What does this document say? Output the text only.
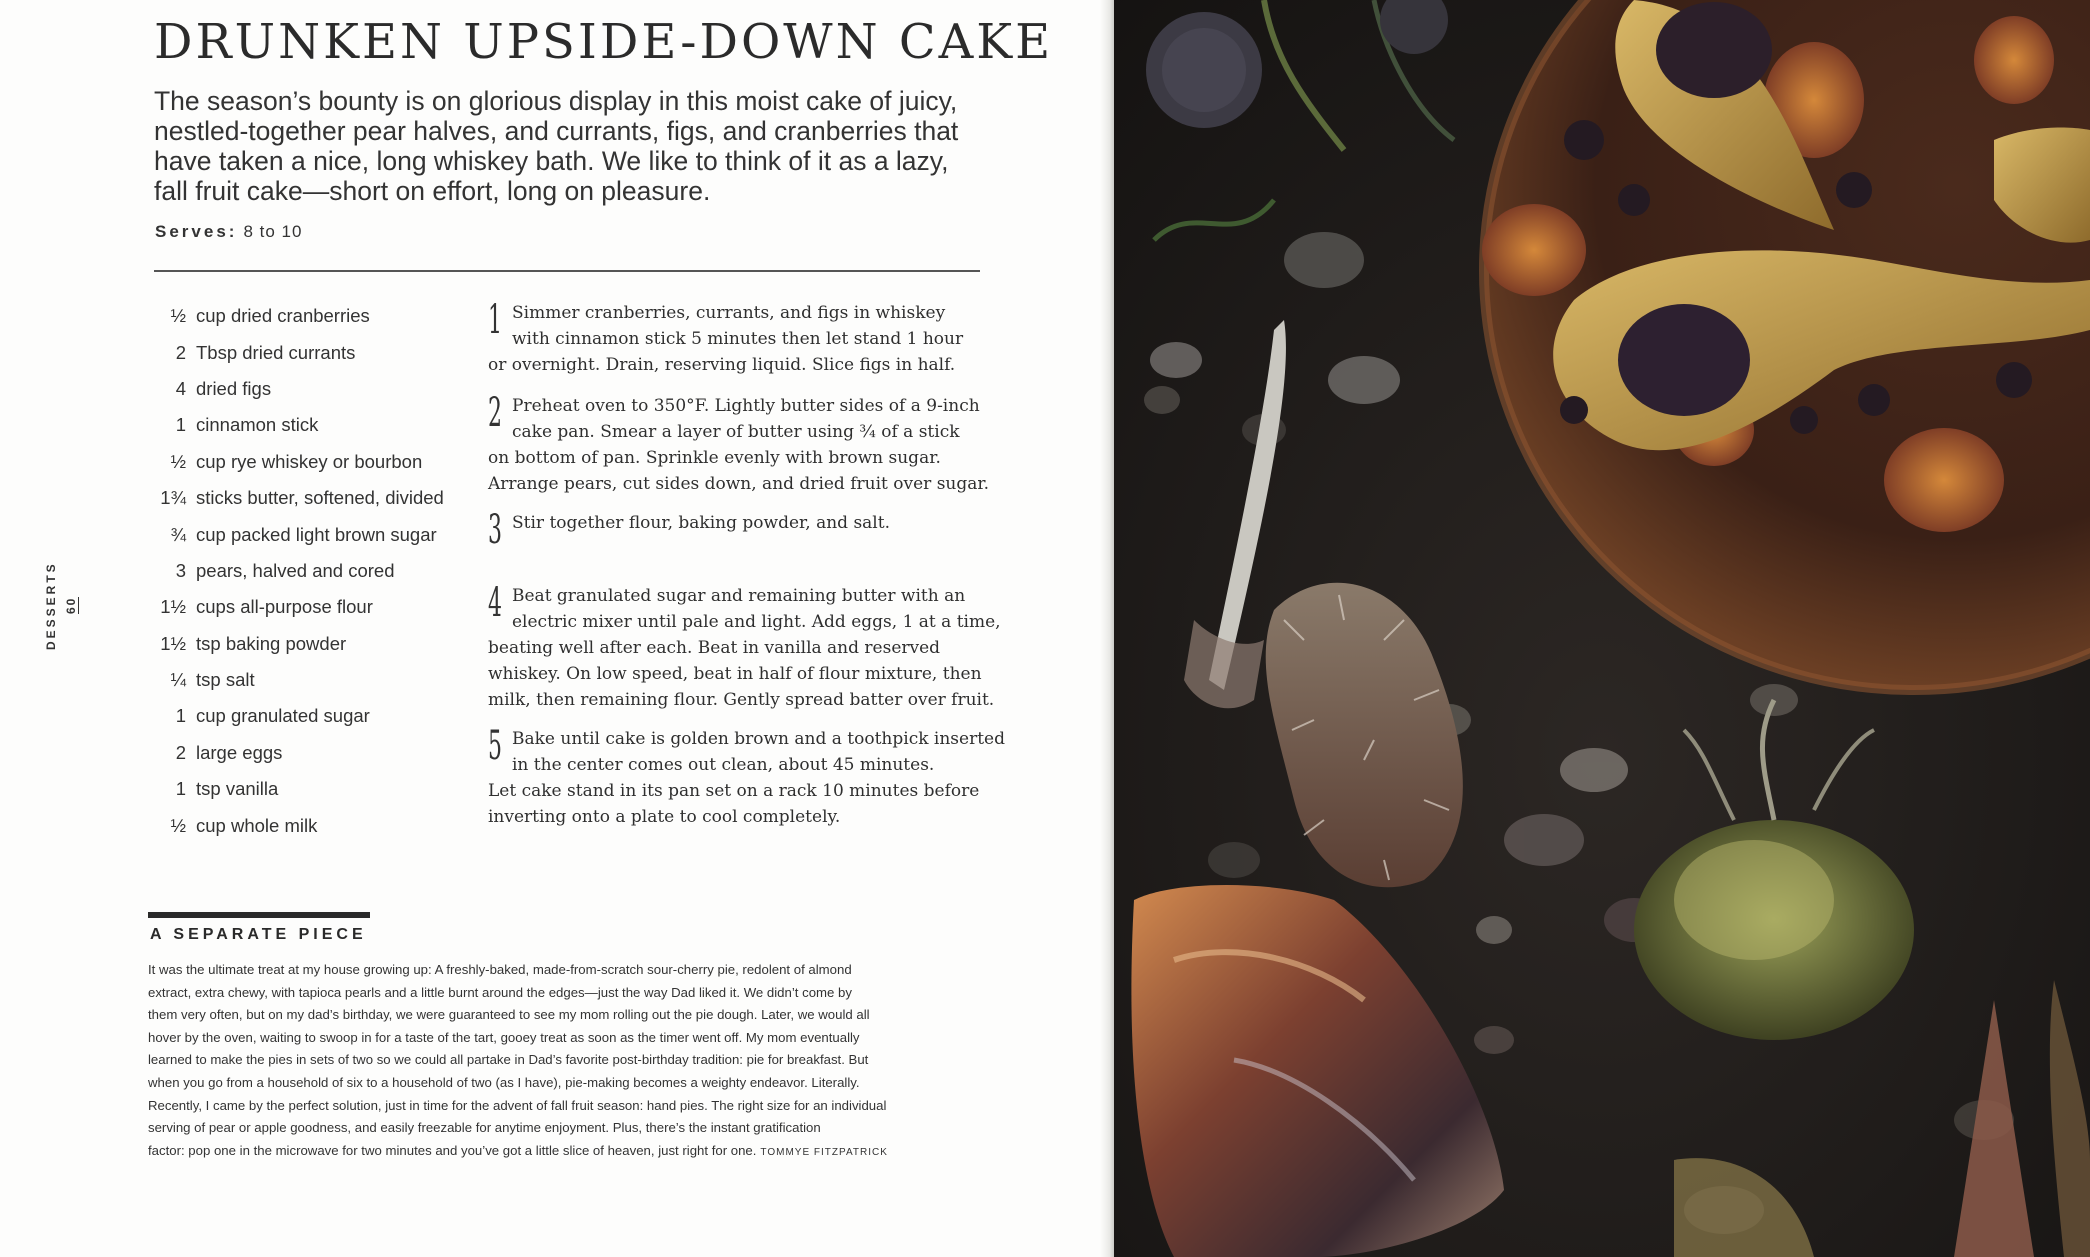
DRUNKEN UPSIDE-DOWN CAKE
The season’s bounty is on glorious display in this moist cake of juicy,
nestled-together pear halves, and currants, figs, and cranberries that
have taken a nice, long whiskey bath. We like to think of it as a lazy,
fall fruit cake—short on effort, long on pleasure.
Serves: 8 to 10
½ cup dried cranberries
2 Tbsp dried currants
4 dried figs
1 cinnamon stick
½ cup rye whiskey or bourbon
1¾ sticks butter, softened, divided
¾ cup packed light brown sugar
3 pears, halved and cored
1½ cups all-purpose flour
1½ tsp baking powder
¼ tsp salt
1 cup granulated sugar
2 large eggs
1 tsp vanilla
½ cup whole milk
1 Simmer cranberries, currants, and figs in whiskey
with cinnamon stick 5 minutes then let stand 1 hour
or overnight. Drain, reserving liquid. Slice figs in half.
2 Preheat oven to 350°F. Lightly butter sides of a 9-inch
cake pan. Smear a layer of butter using ¾ of a stick
on bottom of pan. Sprinkle evenly with brown sugar.
Arrange pears, cut sides down, and dried fruit over sugar.
3 Stir together flour, baking powder, and salt.
4 Beat granulated sugar and remaining butter with an
electric mixer until pale and light. Add eggs, 1 at a time,
beating well after each. Beat in vanilla and reserved
whiskey. On low speed, beat in half of flour mixture, then
milk, then remaining flour. Gently spread batter over fruit.
5 Bake until cake is golden brown and a toothpick inserted
in the center comes out clean, about 45 minutes.
Let cake stand in its pan set on a rack 10 minutes before
inverting onto a plate to cool completely.
A SEPARATE PIECE
It was the ultimate treat at my house growing up: A freshly-baked, made-from-scratch sour-cherry pie, redolent of almond
extract, extra chewy, with tapioca pearls and a little burnt around the edges—just the way Dad liked it. We didn’t come by
them very often, but on my dad’s birthday, we were guaranteed to see my mom rolling out the pie dough. Later, we would all
hover by the oven, waiting to swoop in for a taste of the tart, gooey treat as soon as the timer went off. My mom eventually
learned to make the pies in sets of two so we could all partake in Dad’s favorite post-birthday tradition: pie for breakfast. But
when you go from a household of six to a household of two (as I have), pie-making becomes a weighty endeavor. Literally.
Recently, I came by the perfect solution, just in time for the advent of fall fruit season: hand pies. The right size for an individual
serving of pear or apple goodness, and easily freezable for anytime enjoyment. Plus, there’s the instant gratification
factor: pop one in the microwave for two minutes and you’ve got a little slice of heaven, just right for one. TOMMYE FITZPATRICK
DESSERTS 60
